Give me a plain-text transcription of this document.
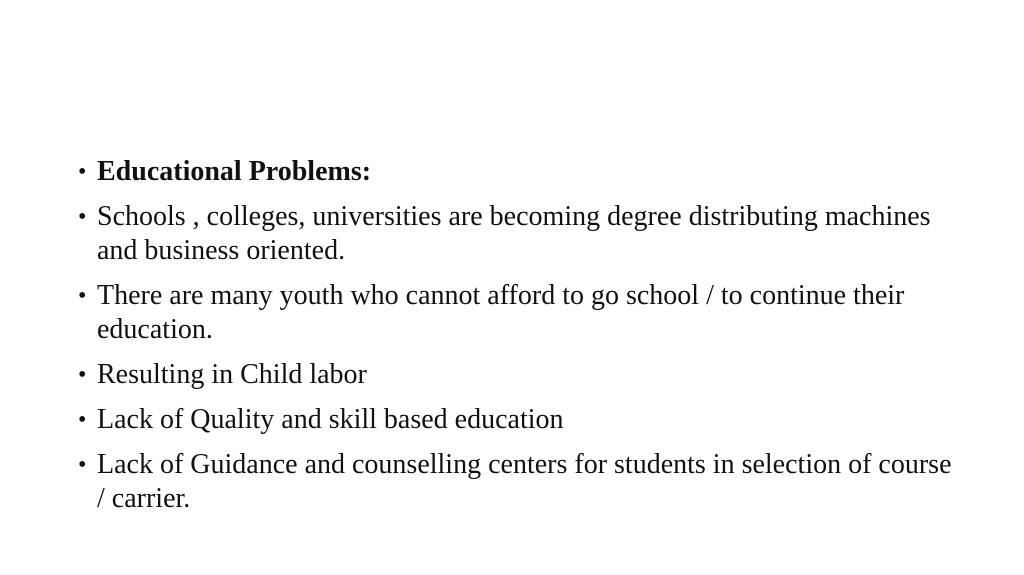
• Educational Problems:
• Schools , colleges, universities are becoming degree distributing machines and business oriented.
• There are many youth who cannot afford to go school / to continue their education.
• Resulting in Child labor
• Lack of Quality and skill based education
• Lack of Guidance and counselling centers for students in selection of course / carrier.
